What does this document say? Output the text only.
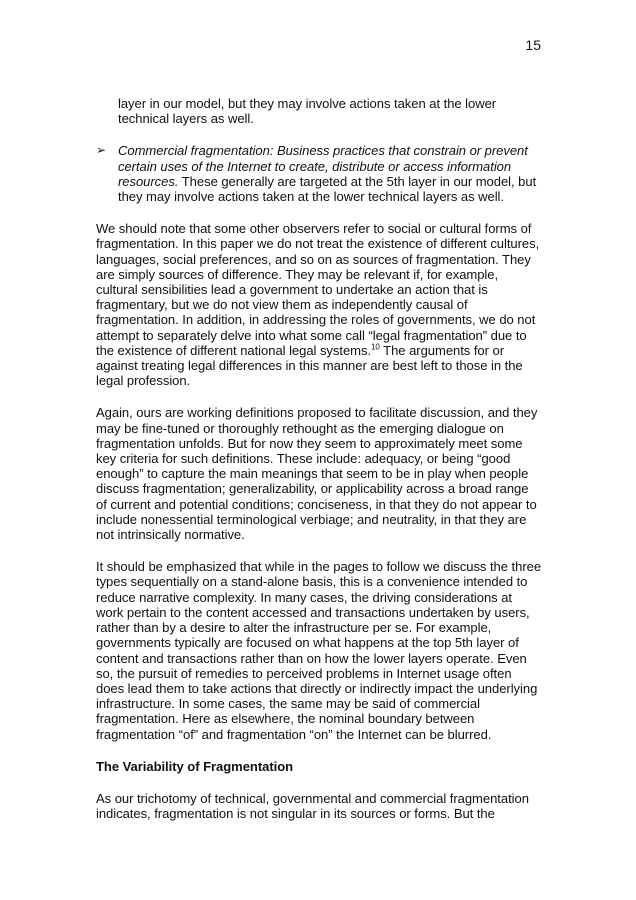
15

layer in our model, but they may involve actions taken at the lower technical layers as well.

➢ Commercial fragmentation: Business practices that constrain or prevent certain uses of the Internet to create, distribute or access information resources. These generally are targeted at the 5th layer in our model, but they may involve actions taken at the lower technical layers as well.

We should note that some other observers refer to social or cultural forms of fragmentation. In this paper we do not treat the existence of different cultures, languages, social preferences, and so on as sources of fragmentation. They are simply sources of difference. They may be relevant if, for example, cultural sensibilities lead a government to undertake an action that is fragmentary, but we do not view them as independently causal of fragmentation. In addition, in addressing the roles of governments, we do not attempt to separately delve into what some call “legal fragmentation” due to the existence of different national legal systems.$^{10}$ The arguments for or against treating legal differences in this manner are best left to those in the legal profession.

Again, ours are working definitions proposed to facilitate discussion, and they may be fine-tuned or thoroughly rethought as the emerging dialogue on fragmentation unfolds. But for now they seem to approximately meet some key criteria for such definitions. These include: adequacy, or being “good enough” to capture the main meanings that seem to be in play when people discuss fragmentation; generalizability, or applicability across a broad range of current and potential conditions; conciseness, in that they do not appear to include nonessential terminological verbiage; and neutrality, in that they are not intrinsically normative.

It should be emphasized that while in the pages to follow we discuss the three types sequentially on a stand-alone basis, this is a convenience intended to reduce narrative complexity. In many cases, the driving considerations at work pertain to the content accessed and transactions undertaken by users, rather than by a desire to alter the infrastructure per se. For example, governments typically are focused on what happens at the top 5th layer of content and transactions rather than on how the lower layers operate. Even so, the pursuit of remedies to perceived problems in Internet usage often does lead them to take actions that directly or indirectly impact the underlying infrastructure. In some cases, the same may be said of commercial fragmentation. Here as elsewhere, the nominal boundary between fragmentation “of” and fragmentation “on” the Internet can be blurred.

The Variability of Fragmentation

As our trichotomy of technical, governmental and commercial fragmentation indicates, fragmentation is not singular in its sources or forms. But the
